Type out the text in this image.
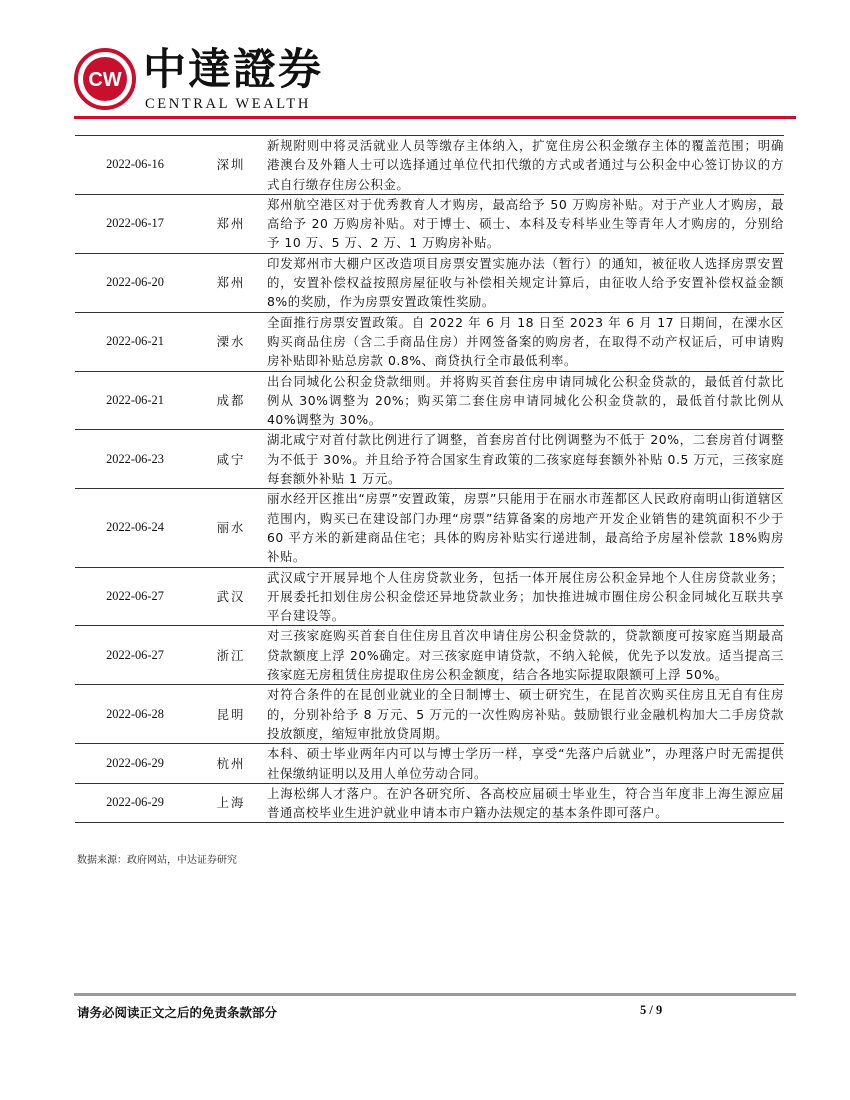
CW 中達證券
CENTRAL WEALTH
2022-06-16	深圳	新规附则中将灵活就业人员等缴存主体纳入，扩宽住房公积金缴存主体的覆盖范围；明确港澳台及外籍人士可以选择通过单位代扣代缴的方式或者通过与公积金中心签订协议的方式自行缴存住房公积金。
2022-06-17	郑州	郑州航空港区对于优秀教育人才购房，最高给予 50 万购房补贴。对于产业人才购房，最高给予 20 万购房补贴。对于博士、硕士、本科及专科毕业生等青年人才购房的，分别给予 10 万、5 万、2 万、1 万购房补贴。
2022-06-20	郑州	印发郑州市大棚户区改造项目房票安置实施办法（暂行）的通知，被征收人选择房票安置的，安置补偿权益按照房屋征收与补偿相关规定计算后，由征收人给予安置补偿权益金额 8%的奖励，作为房票安置政策性奖励。
2022-06-21	溧水	全面推行房票安置政策。自 2022 年 6 月 18 日至 2023 年 6 月 17 日期间，在溧水区购买商品住房（含二手商品住房）并网签备案的购房者，在取得不动产权证后，可申请购房补贴即补贴总房款 0.8%、商贷执行全市最低利率。
2022-06-21	成都	出台同城化公积金贷款细则。并将购买首套住房申请同城化公积金贷款的，最低首付款比例从 30%调整为 20%；购买第二套住房申请同城化公积金贷款的，最低首付款比例从 40%调整为 30%。
2022-06-23	咸宁	湖北咸宁对首付款比例进行了调整，首套房首付比例调整为不低于 20%，二套房首付调整为不低于 30%。并且给予符合国家生育政策的二孩家庭每套额外补贴 0.5 万元，三孩家庭每套额外补贴 1 万元。
2022-06-24	丽水	丽水经开区推出“房票”安置政策，房票”只能用于在丽水市莲都区人民政府南明山街道辖区范围内，购买已在建设部门办理“房票”结算备案的房地产开发企业销售的建筑面积不少于 60 平方米的新建商品住宅；具体的购房补贴实行递进制，最高给予房屋补偿款 18%购房补贴。
2022-06-27	武汉	武汉咸宁开展异地个人住房贷款业务，包括一体开展住房公积金异地个人住房贷款业务；开展委托扣划住房公积金偿还异地贷款业务；加快推进城市圈住房公积金同城化互联共享平台建设等。
2022-06-27	浙江	对三孩家庭购买首套自住住房且首次申请住房公积金贷款的，贷款额度可按家庭当期最高贷款额度上浮 20%确定。对三孩家庭申请贷款，不纳入轮候，优先予以发放。适当提高三孩家庭无房租赁住房提取住房公积金额度，结合各地实际提取限额可上浮 50%。
2022-06-28	昆明	对符合条件的在昆创业就业的全日制博士、硕士研究生，在昆首次购买住房且无自有住房的，分别补给予 8 万元、5 万元的一次性购房补贴。鼓励银行业金融机构加大二手房贷款投放额度，缩短审批放贷周期。
2022-06-29	杭州	本科、硕士毕业两年内可以与博士学历一样，享受“先落户后就业”，办理落户时无需提供社保缴纳证明以及用人单位劳动合同。
2022-06-29	上海	上海松绑人才落户。在沪各研究所、各高校应届硕士毕业生，符合当年度非上海生源应届普通高校毕业生进沪就业申请本市户籍办法规定的基本条件即可落户。
数据来源：政府网站，中达证券研究
请务必阅读正文之后的免责条款部分	5 / 9
